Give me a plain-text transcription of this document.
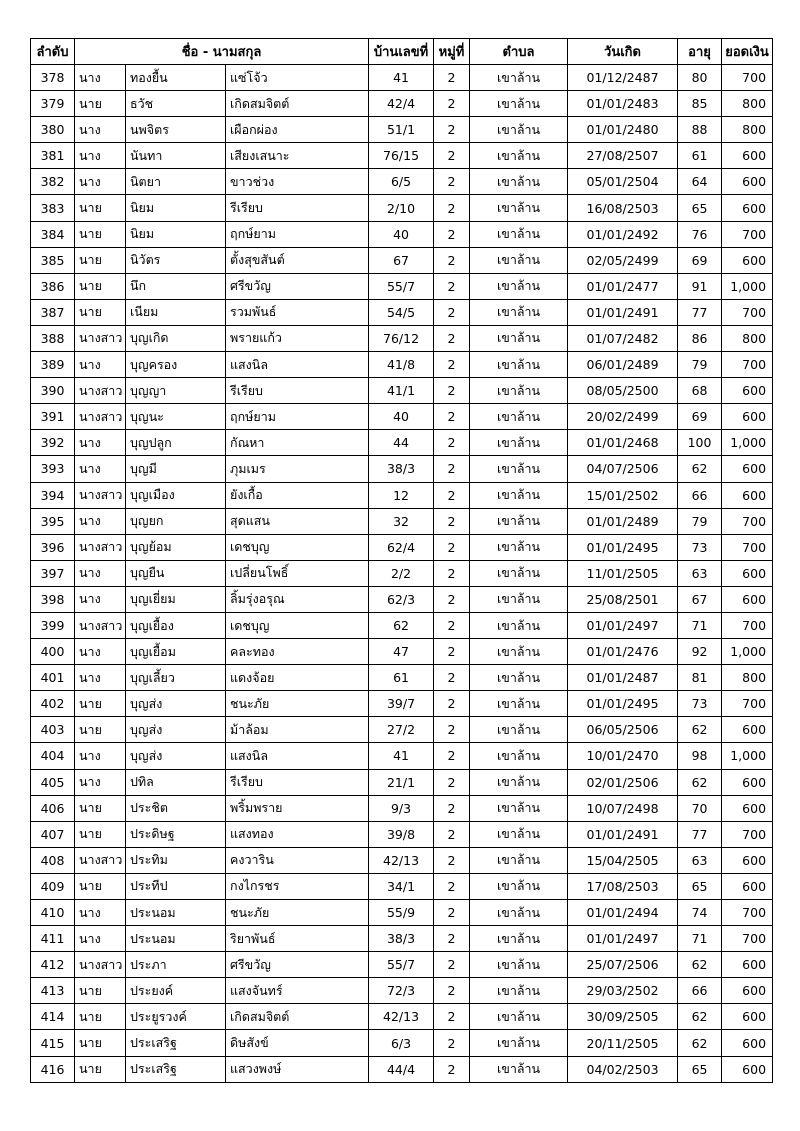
ลำดับ	ชื่อ - นามสกุล			บ้านเลขที่	หมู่ที่	ตำบล	วันเกิด	อายุ	ยอดเงิน
378	นาง	ทองยื้น	แซ่โจ้ว	41	2	เขาล้าน	01/12/2487	80	700
379	นาย	ธวัช	เกิดสมจิตต์	42/4	2	เขาล้าน	01/01/2483	85	800
380	นาง	นพจิตร	เผือกผ่อง	51/1	2	เขาล้าน	01/01/2480	88	800
381	นาง	นันทา	เสียงเสนาะ	76/15	2	เขาล้าน	27/08/2507	61	600
382	นาง	นิตยา	ขาวช่วง	6/5	2	เขาล้าน	05/01/2504	64	600
383	นาย	นิยม	รีเรียบ	2/10	2	เขาล้าน	16/08/2503	65	600
384	นาย	นิยม	ฤกษ์ยาม	40	2	เขาล้าน	01/01/2492	76	700
385	นาย	นิวัตร	ตั้งสุขสันต์	67	2	เขาล้าน	02/05/2499	69	600
386	นาย	นึก	ศรีขวัญ	55/7	2	เขาล้าน	01/01/2477	91	1,000
387	นาย	เนียม	รวมพันธ์	54/5	2	เขาล้าน	01/01/2491	77	700
388	นางสาว	บุญเกิด	พรายแก้ว	76/12	2	เขาล้าน	01/07/2482	86	800
389	นาง	บุญครอง	แสงนิล	41/8	2	เขาล้าน	06/01/2489	79	700
390	นางสาว	บุญญา	รีเรียบ	41/1	2	เขาล้าน	08/05/2500	68	600
391	นางสาว	บุญนะ	ฤกษ์ยาม	40	2	เขาล้าน	20/02/2499	69	600
392	นาง	บุญปลูก	กัณหา	44	2	เขาล้าน	01/01/2468	100	1,000
393	นาง	บุญมี	ภุมเมร	38/3	2	เขาล้าน	04/07/2506	62	600
394	นางสาว	บุญเมือง	ยังเกื้อ	12	2	เขาล้าน	15/01/2502	66	600
395	นาง	บุญยก	สุดแสน	32	2	เขาล้าน	01/01/2489	79	700
396	นางสาว	บุญย้อม	เดชบุญ	62/4	2	เขาล้าน	01/01/2495	73	700
397	นาง	บุญยืน	เปลี่ยนโพธิ์	2/2	2	เขาล้าน	11/01/2505	63	600
398	นาง	บุญเยี่ยม	ลิ้มรุ่งอรุณ	62/3	2	เขาล้าน	25/08/2501	67	600
399	นางสาว	บุญเยื้อง	เดชบุญ	62	2	เขาล้าน	01/01/2497	71	700
400	นาง	บุญเยื้อม	คละทอง	47	2	เขาล้าน	01/01/2476	92	1,000
401	นาง	บุญเลี้ยว	แดงจ้อย	61	2	เขาล้าน	01/01/2487	81	800
402	นาย	บุญส่ง	ชนะภัย	39/7	2	เขาล้าน	01/01/2495	73	700
403	นาย	บุญส่ง	ม้าล้อม	27/2	2	เขาล้าน	06/05/2506	62	600
404	นาง	บุญส่ง	แสงนิล	41	2	เขาล้าน	10/01/2470	98	1,000
405	นาง	ปทิล	รีเรียบ	21/1	2	เขาล้าน	02/01/2506	62	600
406	นาย	ประชิต	พริ้มพราย	9/3	2	เขาล้าน	10/07/2498	70	600
407	นาย	ประดิษฐ	แสงทอง	39/8	2	เขาล้าน	01/01/2491	77	700
408	นางสาว	ประทิม	คงวาริน	42/13	2	เขาล้าน	15/04/2505	63	600
409	นาย	ประทีป	กงไกรชร	34/1	2	เขาล้าน	17/08/2503	65	600
410	นาง	ประนอม	ชนะภัย	55/9	2	เขาล้าน	01/01/2494	74	700
411	นาง	ประนอม	ริยาพันธ์	38/3	2	เขาล้าน	01/01/2497	71	700
412	นางสาว	ประภา	ศรีขวัญ	55/7	2	เขาล้าน	25/07/2506	62	600
413	นาย	ประยงค์	แสงจันทร์	72/3	2	เขาล้าน	29/03/2502	66	600
414	นาย	ประยูรวงค์	เกิดสมจิตต์	42/13	2	เขาล้าน	30/09/2505	62	600
415	นาย	ประเสริฐ	ดิษสังข์	6/3	2	เขาล้าน	20/11/2505	62	600
416	นาย	ประเสริฐ	แสวงพงษ์	44/4	2	เขาล้าน	04/02/2503	65	600
